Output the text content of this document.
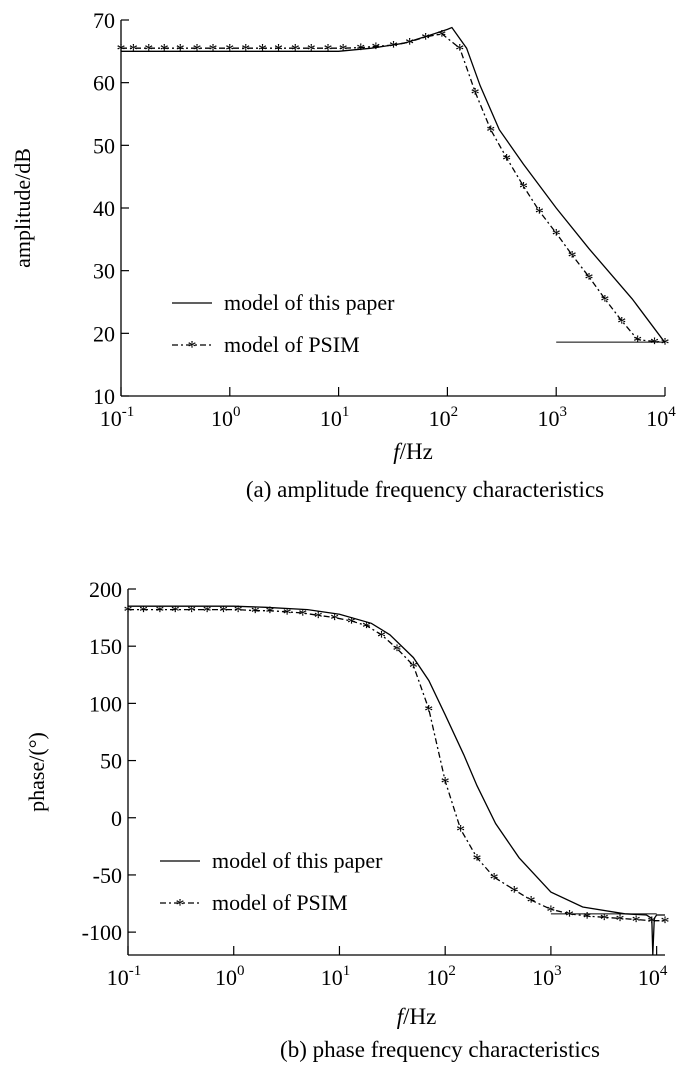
10
20
30
40
50
60
70
$10^{-1}$	$10^0$	$10^1$	$10^2$	$10^3$	$10^4$
amplitude/dB
f/Hz
(a) amplitude frequency characteristics
* * * * * * * * * * * * * * * * * * * * *
*
*
*
*
*
*
*
*
*
*
*
* * *
model of this paper
* model of PSIM
200
150
100
50
0
-50
-100
$10^{-1}$	$10^0$	$10^1$	$10^2$	$10^3$	$10^4$
phase/(°)
f/Hz
(b) phase frequency characteristics
* * * * * * * * * * * * * * * * *
*
*
*
*
*
*
*
*
* * * * * * * * *
model of this paper
* model of PSIM
